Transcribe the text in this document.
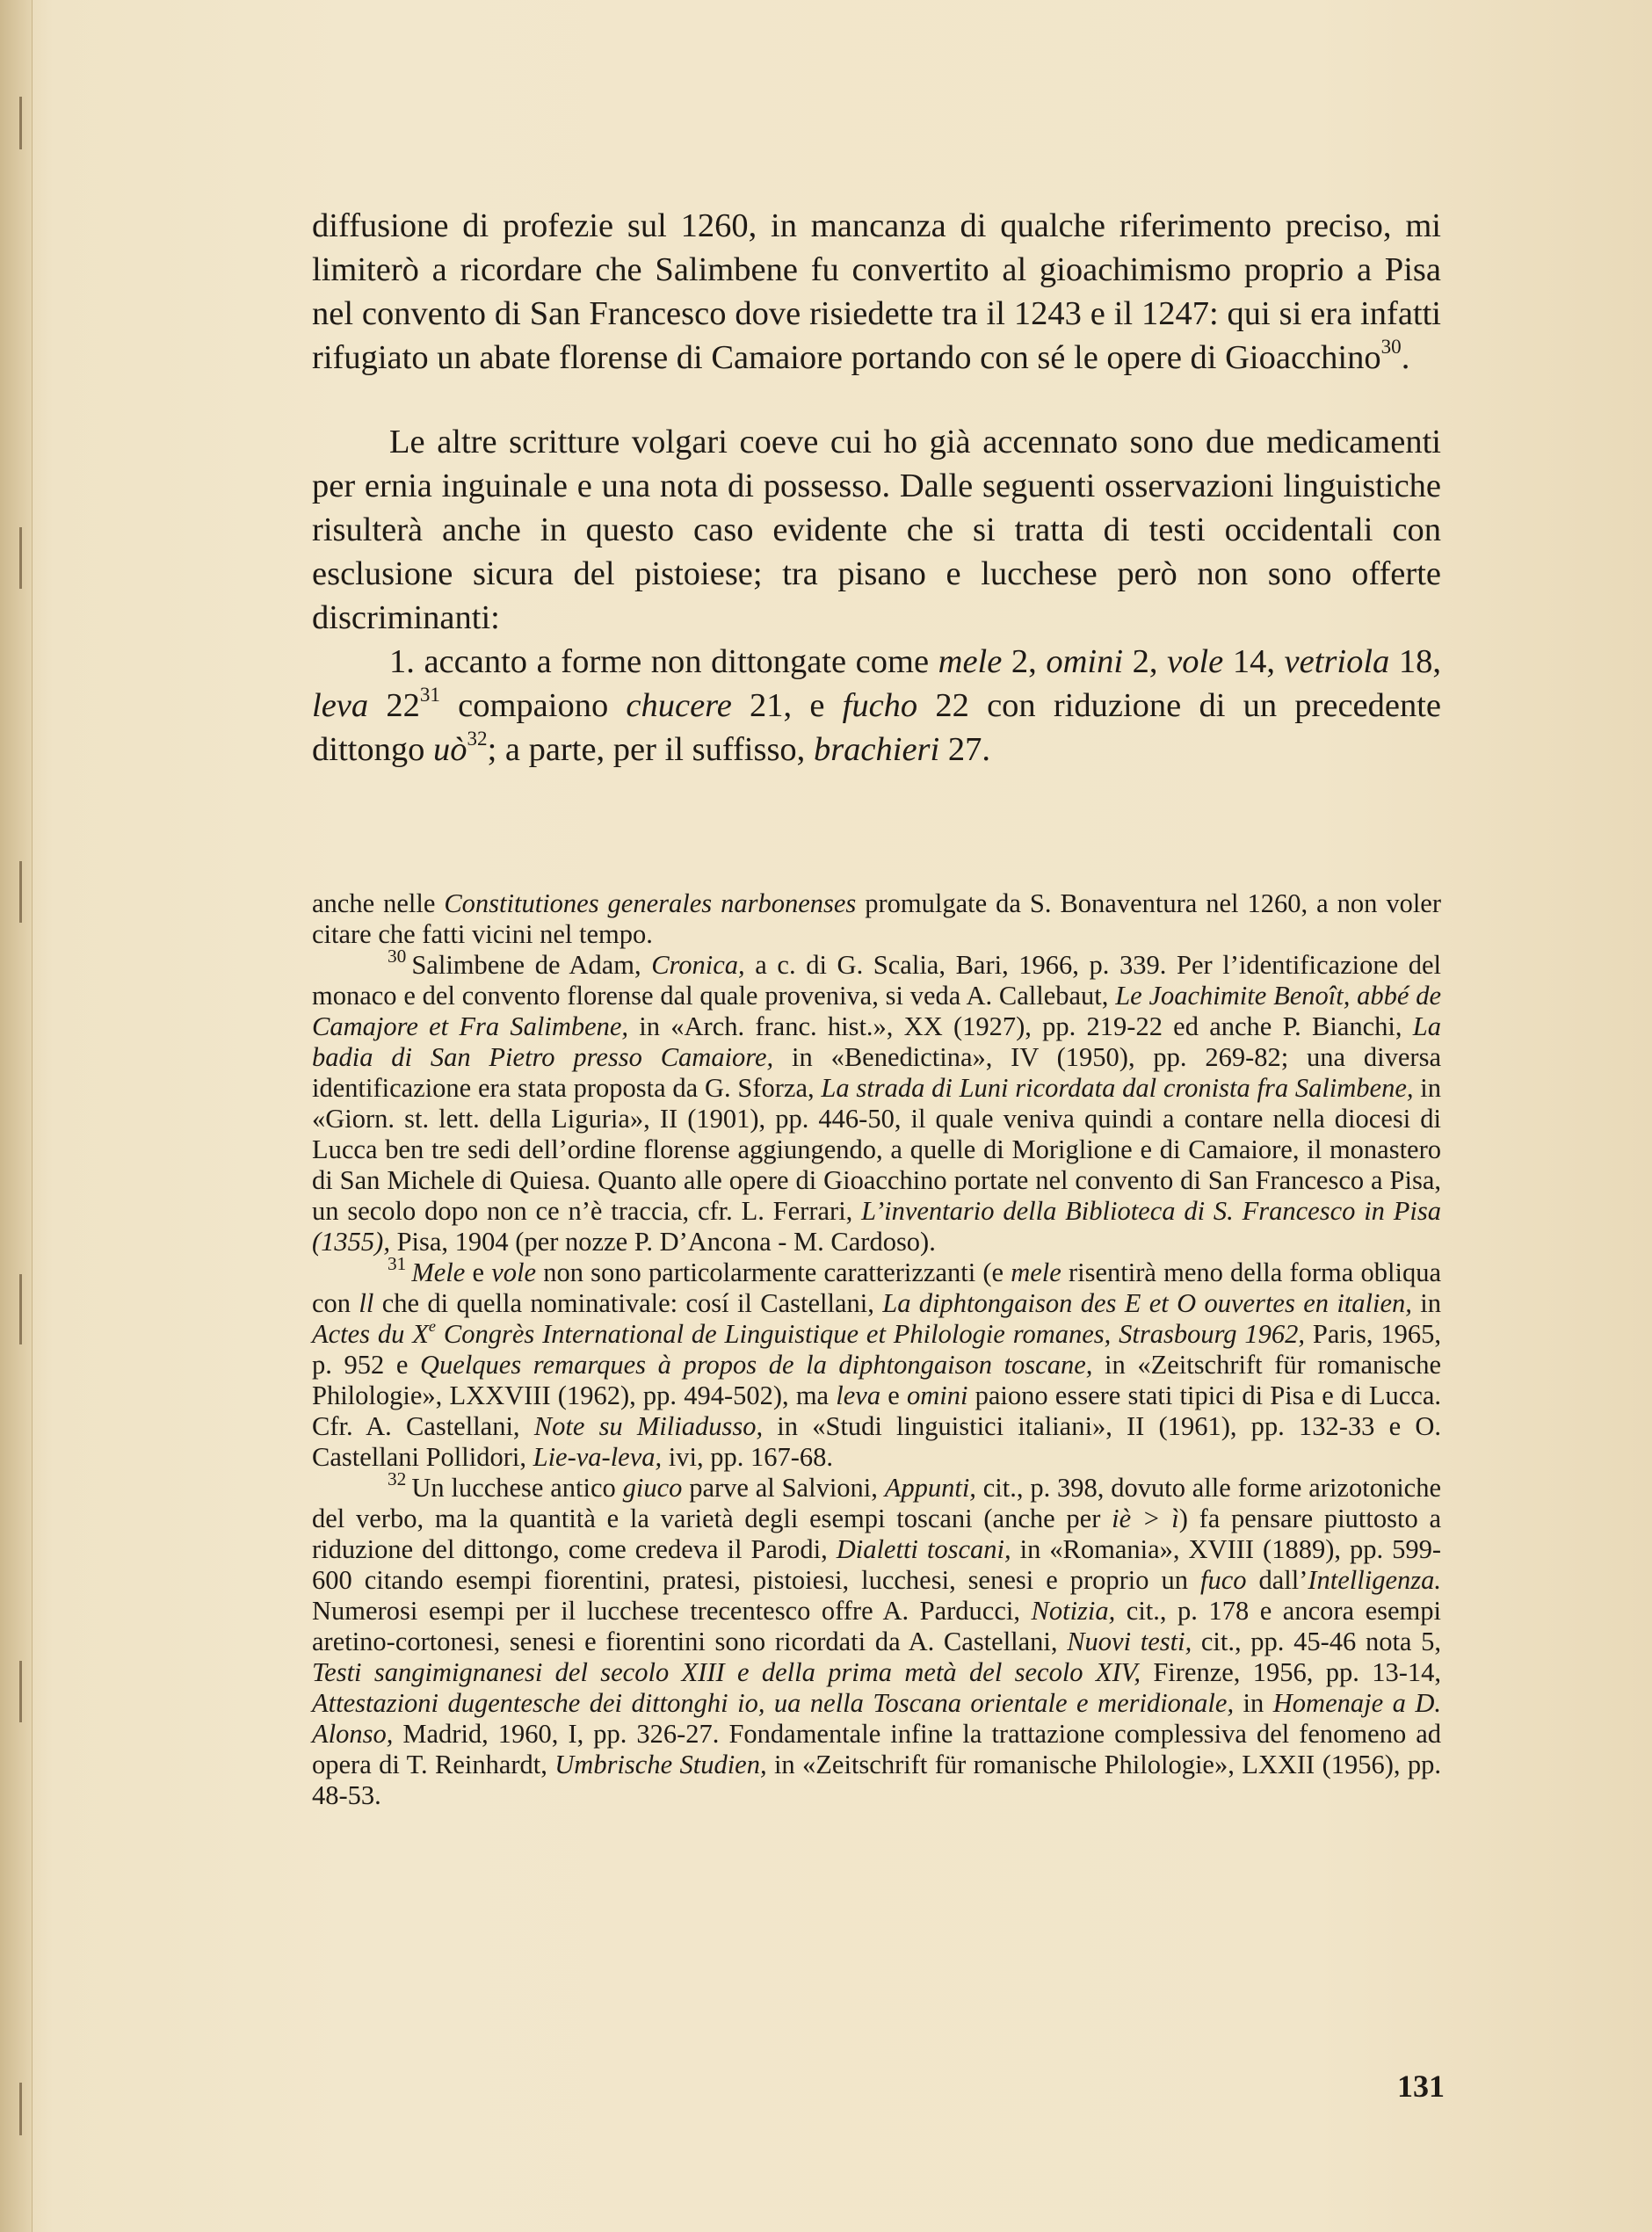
diffusione di profezie sul 1260, in mancanza di qualche riferimento preciso, mi limiterò a ricordare che Salimbene fu convertito al gioachimismo proprio a Pisa nel convento di San Francesco dove risiedette tra il 1243 e il 1247: qui si era infatti rifugiato un abate florense di Camaiore portando con sé le opere di Gioacchino$^{30}$.

Le altre scritture volgari coeve cui ho già accennato sono due medicamenti per ernia inguinale e una nota di possesso. Dalle seguenti osservazioni linguistiche risulterà anche in questo caso evidente che si tratta di testi occidentali con esclusione sicura del pistoiese; tra pisano e lucchese però non sono offerte discriminanti:

1. accanto a forme non dittongate come mele 2, omini 2, vole 14, vetriola 18, leva $22^{31}$ compaiono chucere 21, e fucho 22 con riduzione di un precedente dittongo $uò^{32}$; a parte, per il suffisso, brachieri 27.

anche nelle Constitutiones generales narbonenses promulgate da S. Bonaventura nel 1260, a non voler citare che fatti vicini nel tempo.

$^{30}$ Salimbene de Adam, Cronica, a c. di G. Scalia, Bari, 1966, p. 339. Per l’identificazione del monaco e del convento florense dal quale proveniva, si veda A. Callebaut, Le Joachimite Benoît, abbé de Camajore et Fra Salimbene, in «Arch. franc. hist.», XX (1927), pp. 219-22 ed anche P. Bianchi, La badia di San Pietro presso Camaiore, in «Benedictina», IV (1950), pp. 269-82; una diversa identificazione era stata proposta da G. Sforza, La strada di Luni ricordata dal cronista fra Salimbene, in «Giorn. st. lett. della Liguria», II (1901), pp. 446-50, il quale veniva quindi a contare nella diocesi di Lucca ben tre sedi dell’ordine florense aggiungendo, a quelle di Moriglione e di Camaiore, il monastero di San Michele di Quiesa. Quanto alle opere di Gioacchino portate nel convento di San Francesco a Pisa, un secolo dopo non ce n’è traccia, cfr. L. Ferrari, L’inventario della Biblioteca di S. Francesco in Pisa (1355), Pisa, 1904 (per nozze P. D’Ancona - M. Cardoso).

$^{31}$ Mele e vole non sono particolarmente caratterizzanti (e mele risentirà meno della forma obliqua con ll che di quella nominativale: cosí il Castellani, La diphtongaison des E et O ouvertes en italien, in Actes du Xe Congrès International de Linguistique et Philologie romanes, Strasbourg 1962, Paris, 1965, p. 952 e Quelques remarques à propos de la diphtongaison toscane, in «Zeitschrift für romanische Philologie», LXXVIII (1962), pp. 494-502), ma leva e omini paiono essere stati tipici di Pisa e di Lucca. Cfr. A. Castellani, Note su Miliadusso, in «Studi linguistici italiani», II (1961), pp. 132-33 e O. Castellani Pollidori, Lie-va-leva, ivi, pp. 167-68.

$^{32}$ Un lucchese antico giuco parve al Salvioni, Appunti, cit., p. 398, dovuto alle forme arizotoniche del verbo, ma la quantità e la varietà degli esempi toscani (anche per iè > ì) fa pensare piuttosto a riduzione del dittongo, come credeva il Parodi, Dialetti toscani, in «Romania», XVIII (1889), pp. 599-600 citando esempi fiorentini, pratesi, pistoiesi, lucchesi, senesi e proprio un fuco dall’Intelligenza. Numerosi esempi per il lucchese trecentesco offre A. Parducci, Notizia, cit., p. 178 e ancora esempi aretino-cortonesi, senesi e fiorentini sono ricordati da A. Castellani, Nuovi testi, cit., pp. 45-46 nota 5, Testi sangimignanesi del secolo XIII e della prima metà del secolo XIV, Firenze, 1956, pp. 13-14, Attestazioni dugentesche dei dittonghi io, ua nella Toscana orientale e meridionale, in Homenaje a D. Alonso, Madrid, 1960, I, pp. 326-27. Fondamentale infine la trattazione complessiva del fenomeno ad opera di T. Reinhardt, Umbrische Studien, in «Zeitschrift für romanische Philologie», LXXII (1956), pp. 48-53.

131
